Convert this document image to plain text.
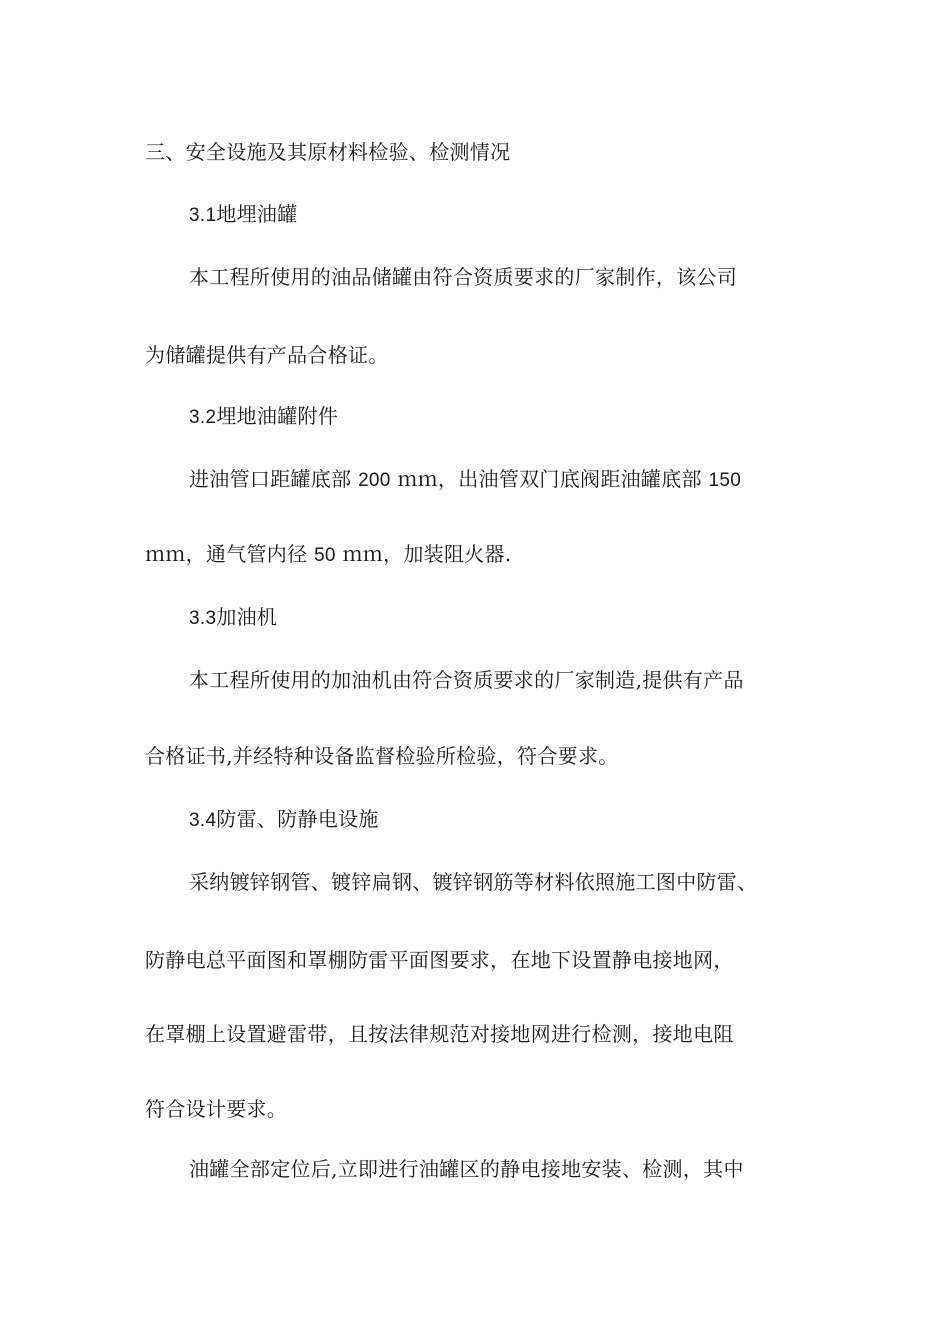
三、安全设施及其原材料检验、检测情况
3.1地埋油罐
本工程所使用的油品储罐由符合资质要求的厂家制作，该公司
为储罐提供有产品合格证。
3.2埋地油罐附件
进油管口距罐底部 200 ｍｍ，出油管双门底阀距油罐底部 150
ｍｍ，通气管内径 50 ｍｍ，加装阻火器.
3.3加油机
本工程所使用的加油机由符合资质要求的厂家制造,提供有产品
合格证书,并经特种设备监督检验所检验，符合要求。
3.4防雷、防静电设施
采纳镀锌钢管、镀锌扁钢、镀锌钢筋等材料依照施工图中防雷、
防静电总平面图和罩棚防雷平面图要求，在地下设置静电接地网，
在罩棚上设置避雷带，且按法律规范对接地网进行检测，接地电阻
符合设计要求。
油罐全部定位后,立即进行油罐区的静电接地安装、检测，其中
